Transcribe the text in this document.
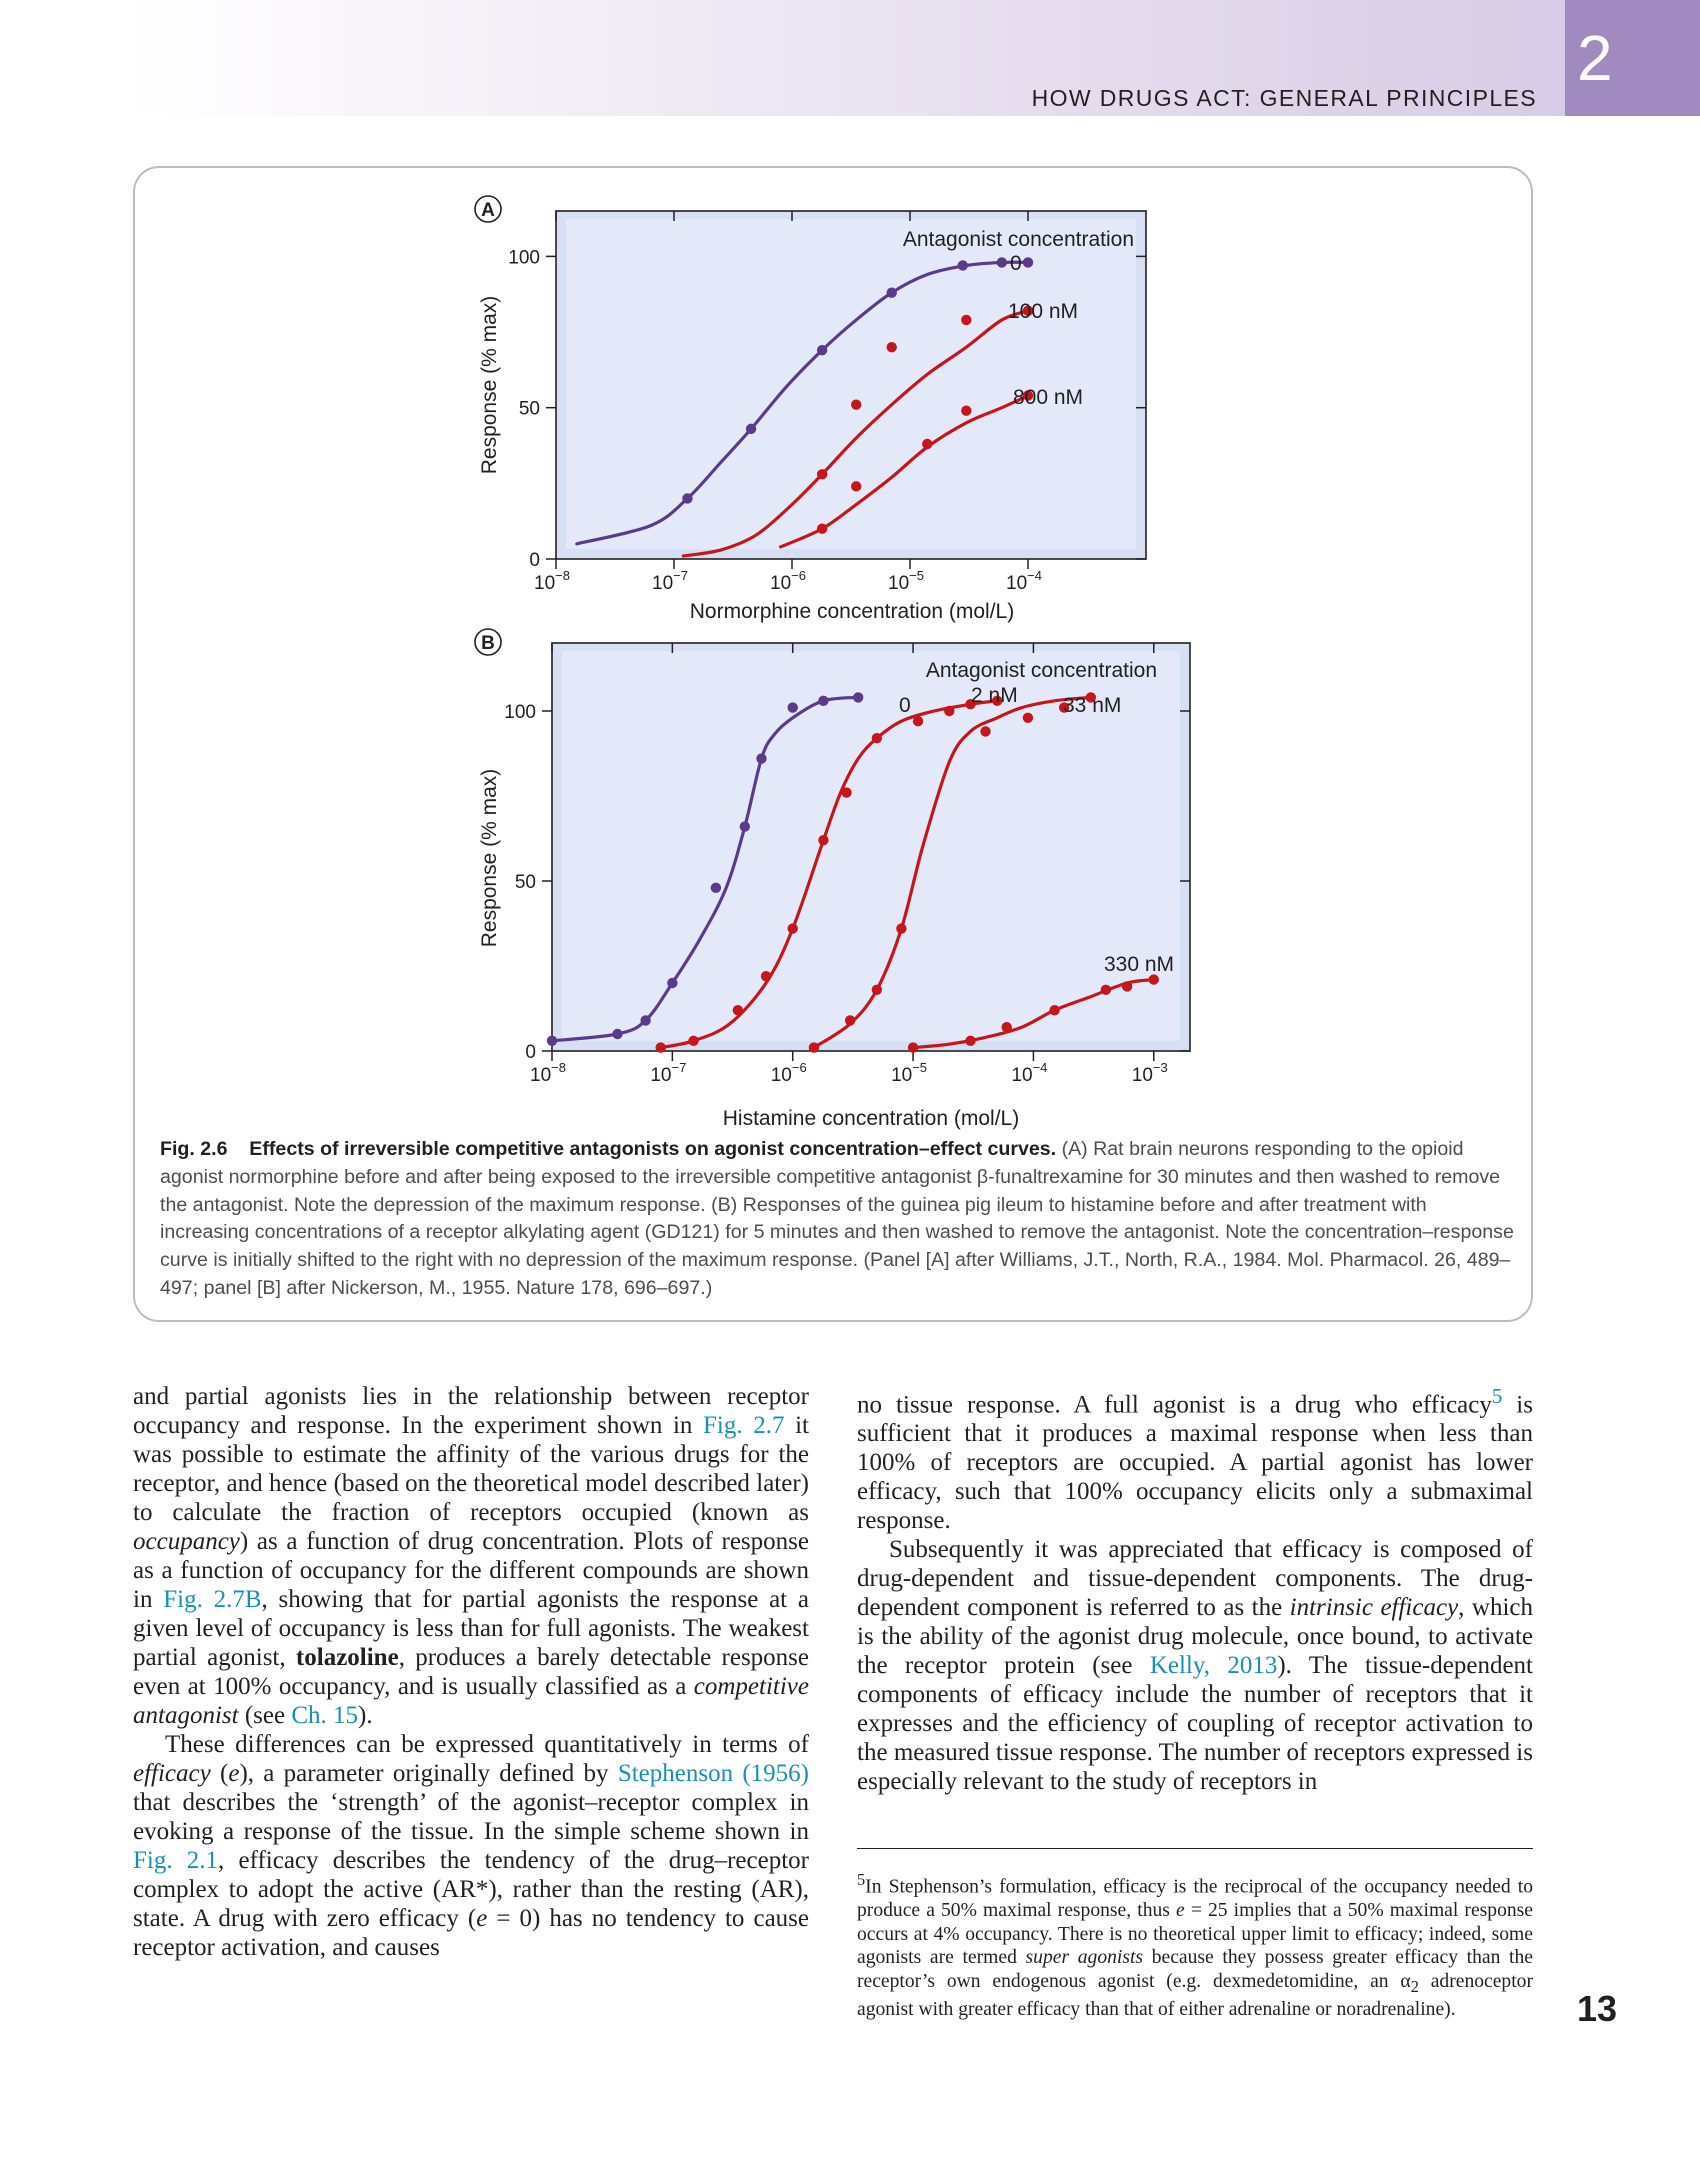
2
HOW DRUGS ACT: GENERAL PRINCIPLES
A
$10^{-8}$	$10^{-7}$	$10^{-6}$	$10^{-5}$	$10^{-4}$
0
50
100
Response (% max)
Normorphine concentration (mol/L)
Antagonist concentration
0
100 nM
800 nM
B
$10^{-8}$	$10^{-7}$	$10^{-6}$	$10^{-5}$	$10^{-4}$	$10^{-3}$
0
50
100
Response (% max)
Histamine concentration (mol/L)
Antagonist concentration
0	2 nM 33 nM
330 nM
Fig. 2.6 Effects of irreversible competitive antagonists on agonist concentration–effect curves. (A) Rat brain neurons responding to the opioid agonist normorphine before and after being exposed to the irreversible competitive antagonist β-funaltrexamine for 30 minutes and then washed to remove the antagonist. Note the depression of the maximum response. (B) Responses of the guinea pig ileum to histamine before and after treatment with increasing concentrations of a receptor alkylating agent (GD121) for 5 minutes and then washed to remove the antagonist. Note the concentration–response curve is initially shifted to the right with no depression of the maximum response. (Panel [A] after Williams, J.T., North, R.A., 1984. Mol. Pharmacol. 26, 489–497; panel [B] after Nickerson, M., 1955. Nature 178, 696–697.)

and partial agonists lies in the relationship between receptor occupancy and response. In the experiment shown in Fig. 2.7 it was possible to estimate the affinity of the various drugs for the receptor, and hence (based on the theoretical model described later) to calculate the fraction of receptors occupied (known as occupancy) as a function of drug concentration. Plots of response as a function of occupancy for the different compounds are shown in Fig. 2.7B, showing that for partial agonists the response at a given level of occupancy is less than for full agonists. The weakest partial agonist, tolazoline, produces a barely detectable response even at 100% occupancy, and is usually classified as a competitive antagonist (see Ch. 15).

These differences can be expressed quantitatively in terms of efficacy (e), a parameter originally defined by Stephenson (1956) that describes the ‘strength’ of the agonist–receptor complex in evoking a response of the tissue. In the simple scheme shown in Fig. 2.1, efficacy describes the tendency of the drug–receptor complex to adopt the active (AR*), rather than the resting (AR), state. A drug with zero efficacy (e = 0) has no tendency to cause receptor activation, and causes

no tissue response. A full agonist is a drug who efficacy$^5$ is sufficient that it produces a maximal response when less than 100% of receptors are occupied. A partial agonist has lower efficacy, such that 100% occupancy elicits only a submaximal response.

Subsequently it was appreciated that efficacy is composed of drug-dependent and tissue-dependent components. The drug-dependent component is referred to as the intrinsic efficacy, which is the ability of the agonist drug molecule, once bound, to activate the receptor protein (see Kelly, 2013). The tissue-dependent components of efficacy include the number of receptors that it expresses and the efficiency of coupling of receptor activation to the measured tissue response. The number of receptors expressed is especially relevant to the study of receptors in

$^5$In Stephenson’s formulation, efficacy is the reciprocal of the occupancy needed to produce a 50% maximal response, thus e = 25 implies that a 50% maximal response occurs at 4% occupancy. There is no theoretical upper limit to efficacy; indeed, some agonists are termed super agonists because they possess greater efficacy than the receptor’s own endogenous agonist (e.g. dexmedetomidine, an $\alpha_2$ adrenoceptor agonist with greater efficacy than that of either adrenaline or noradrenaline).	13
